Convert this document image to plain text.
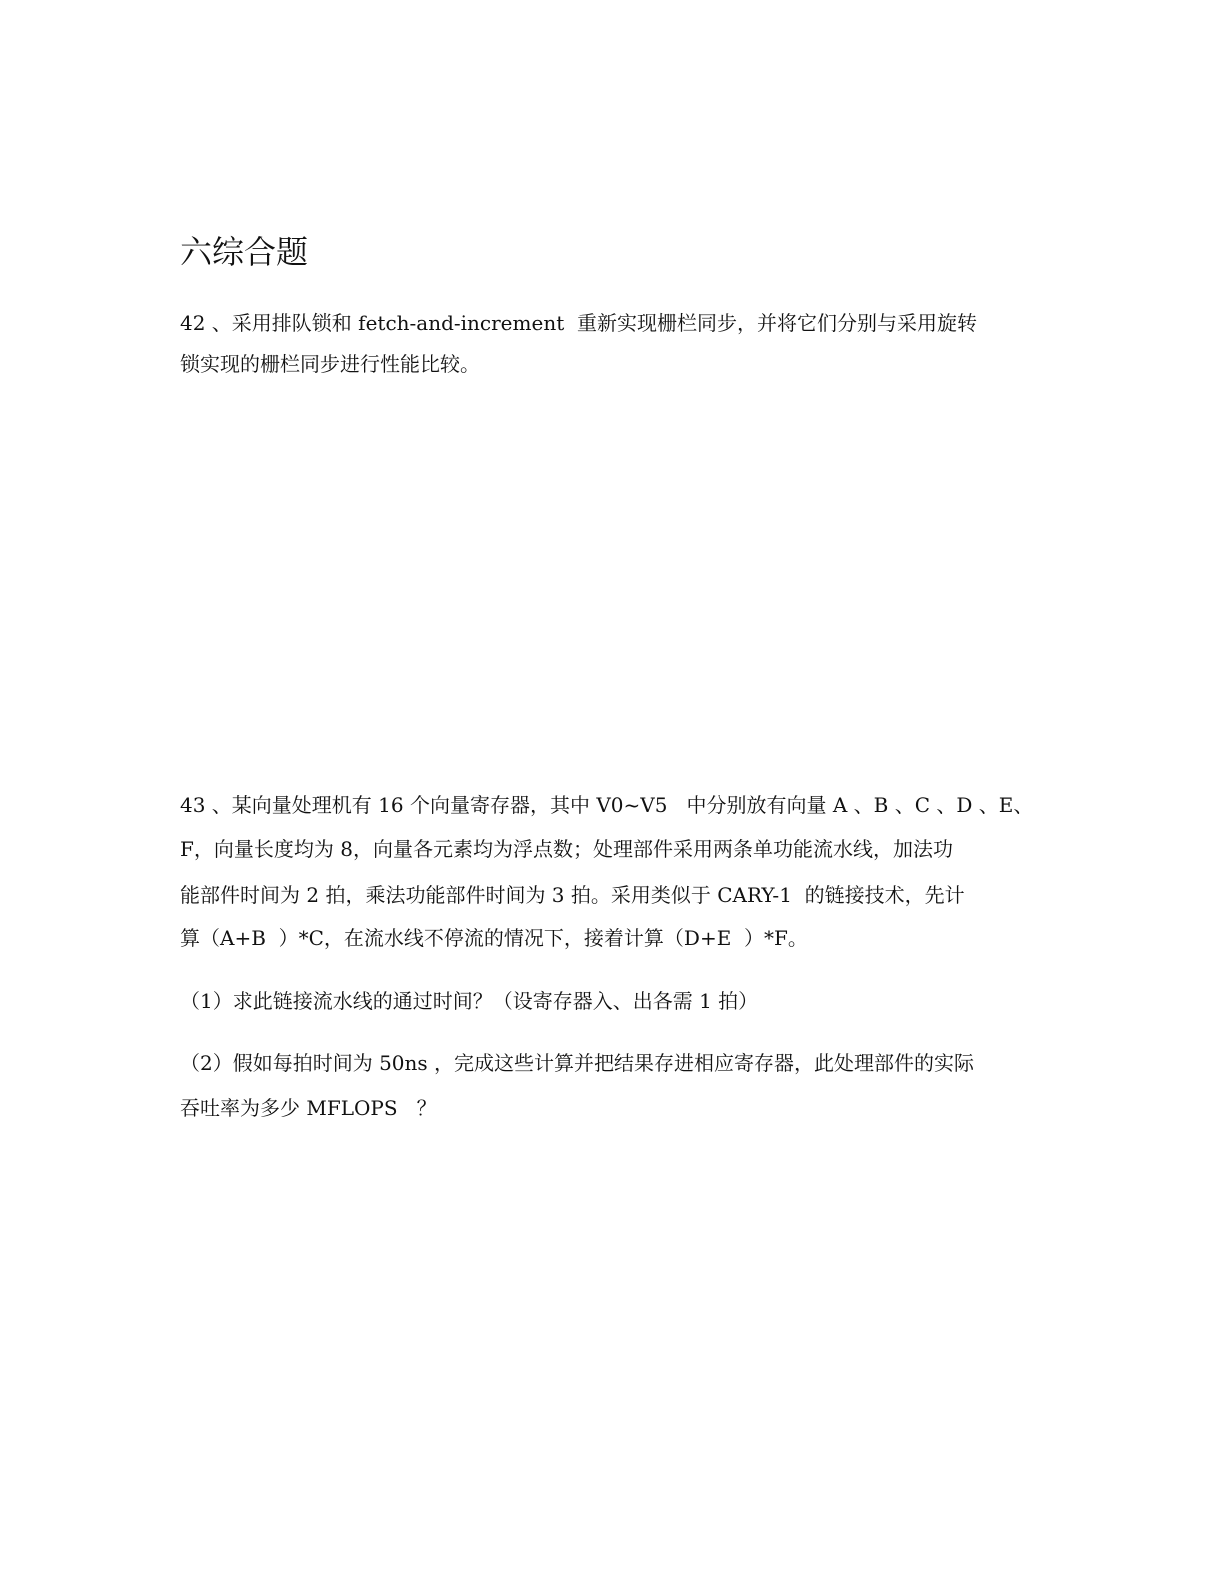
六综合题

42 、采用排队锁和 fetch-and-increment  重新实现栅栏同步，并将它们分别与采用旋转

锁实现的栅栏同步进行性能比较。

43 、某向量处理机有 16 个向量寄存器，其中 V0~V5   中分别放有向量 A 、B 、C 、D 、E、

F，向量长度均为 8，向量各元素均为浮点数；处理部件采用两条单功能流水线，加法功

能部件时间为 2 拍，乘法功能部件时间为 3 拍。采用类似于 CARY-1  的链接技术，先计

算（A+B  ）*C，在流水线不停流的情况下，接着计算（D+E  ）*F。

（1）求此链接流水线的通过时间？（设寄存器入、出各需 1 拍）

（2）假如每拍时间为 50ns ，完成这些计算并把结果存进相应寄存器，此处理部件的实际

吞吐率为多少 MFLOPS   ？
